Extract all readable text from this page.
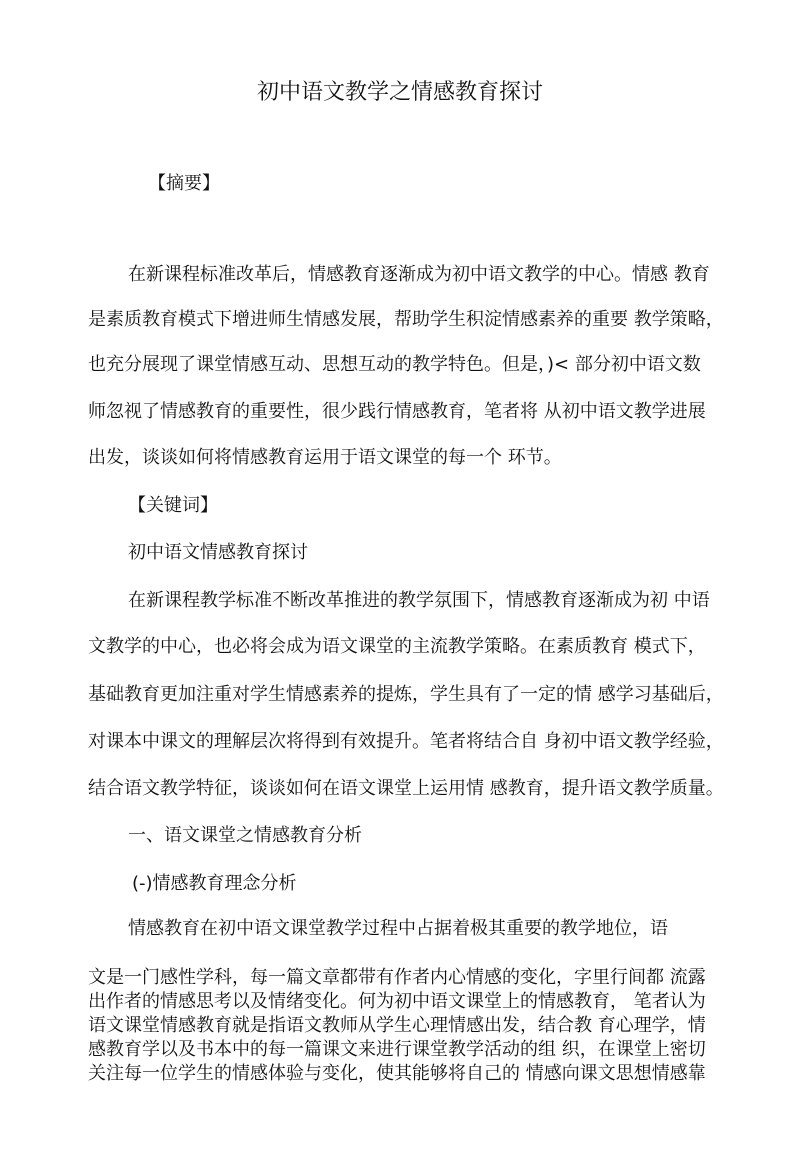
初中语文教学之情感教育探讨

【摘要】

在新课程标准改革后，情感教育逐渐成为初中语文教学的中心。情感 教育

是素质教育模式下增进师生情感发展，帮助学生积淀情感素养的重要 教学策略，

也充分展现了课堂情感互动、思想互动的教学特色。但是，)< 部分初中语文数

师忽视了情感教育的重要性，很少践行情感教育，笔者将 从初中语文教学进展

出发，谈谈如何将情感教育运用于语文课堂的每一个 环节。

【关键词】

初中语文情感教育探讨

在新课程教学标准不断改革推进的教学氛围下，情感教育逐渐成为初 中语

文教学的中心，也必将会成为语文课堂的主流教学策略。在素质教育 模式下，

基础教育更加注重对学生情感素养的提炼，学生具有了一定的情 感学习基础后，

对课本中课文的理解层次将得到有效提升。笔者将结合自 身初中语文教学经验，

结合语文教学特征，谈谈如何在语文课堂上运用情 感教育，提升语文教学质量。

一、语文课堂之情感教育分析

(-)情感教育理念分析

情感教育在初中语文课堂教学过程中占据着极其重要的教学地位，语

文是一门感性学科，每一篇文章都带有作者内心情感的变化，字里行间都 流露

出作者的情感思考以及情绪变化。何为初中语文课堂上的情感教育， 笔者认为

语文课堂情感教育就是指语文教师从学生心理情感出发，结合教 育心理学，情

感教育学以及书本中的每一篇课文来进行课堂教学活动的组 织，在课堂上密切

关注每一位学生的情感体验与变化，使其能够将自己的 情感向课文思想情感靠
